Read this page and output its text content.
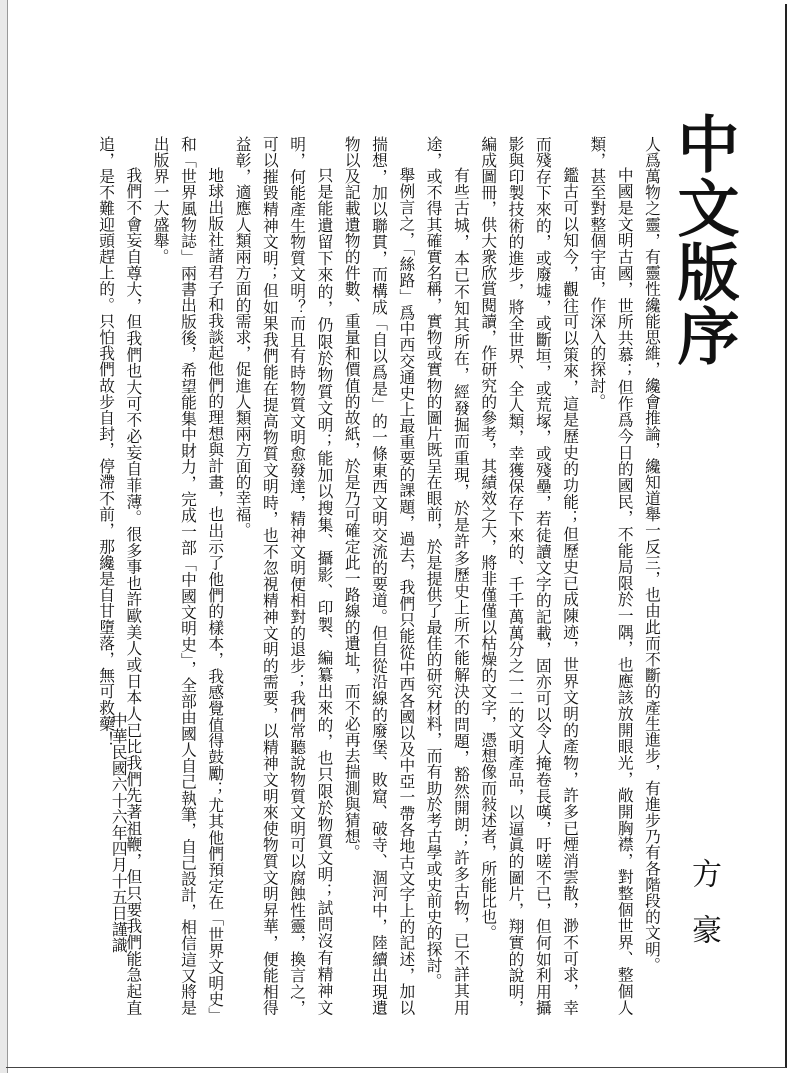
中文版序
方豪

人爲萬物之靈，有靈性纔能思維，纔會推論，纔知道舉一反三，也由此而不斷的產生進步，有進步乃有各階段的文明。

中國是文明古國，世所共慕；但作爲今日的國民，不能局限於一隅，也應該放開眼光，敞開胸襟，對整個世界、整個人類，甚至對整個宇宙，作深入的探討。

鑑古可以知今，觀往可以策來，這是歷史的功能；但歷史已成陳迹，世界文明的產物，許多已煙消雲散，渺不可求，幸而殘存下來的，或廢墟，或斷垣，或荒塚，或殘壘，若徒讀文字的記載，固亦可以令人掩卷長嘆，吁嗟不已，但何如利用攝影與印製技術的進步，將全世界、全人類，幸獲保存下來的、千千萬萬分之一二的文明產品，以逼眞的圖片，翔實的說明，編成圖冊，供大衆欣賞閱讀，作研究的參考，其績效之大，將非僅僅以枯燥的文字，憑想像而敍述者，所能比也。

有些古城，本已不知其所在，經發掘而重現，於是許多歷史上所不能解決的問題，豁然開朗；許多古物，已不詳其用途，或不得其確實名稱，實物或實物的圖片既呈在眼前，於是提供了最佳的研究材料，而有助於考古學或史前史的探討。

舉例言之，「絲路」爲中西交通史上最重要的課題，過去，我們只能從中西各國以及中亞一帶各地古文字上的記述，加以揣想，加以聯貫，而構成「自以爲是」的一條東西文明交流的要道。但自從沿線的廢堡、敗窟、破寺、涸河中，陸續出現遺物以及記載遺物的件數、重量和價值的故紙，於是乃可確定此一路線的遺址，而不必再去揣測與猜想。

只是能遺留下來的，仍限於物質文明；能加以搜集、攝影、印製、編纂出來的，也只限於物質文明；試問沒有精神文明，何能產生物質文明？而且有時物質文明愈發達，精神文明便相對的退步；我們常聽說物質文明可以腐蝕性靈，換言之，可以摧毀精神文明；但如果我們能在提高物質文明時，也不忽視精神文明的需要，以精神文明來使物質文明昇華，便能相得益彰，適應人類兩方面的需求，促進人類兩方面的幸福。

地球出版社諸君子和我談起他們的理想與計畫，也出示了他們的樣本，我感覺值得鼓勵；尤其他們預定在「世界文明史」和「世界風物誌」兩書出版後，希望能集中財力，完成一部「中國文明史」，全部由國人自己執筆，自己設計，相信這又將是出版界一大盛舉。

我們不會妄自尊大，但我們也大可不必妄自菲薄。很多事也許歐美人或日本人已比我們先著祖鞭，但只要我們能急起直追，是不難迎頭趕上的。只怕我們故步自封，停滯不前，那纔是自甘墮落，無可救藥！

中華民國六十六年四月十五日謹識
